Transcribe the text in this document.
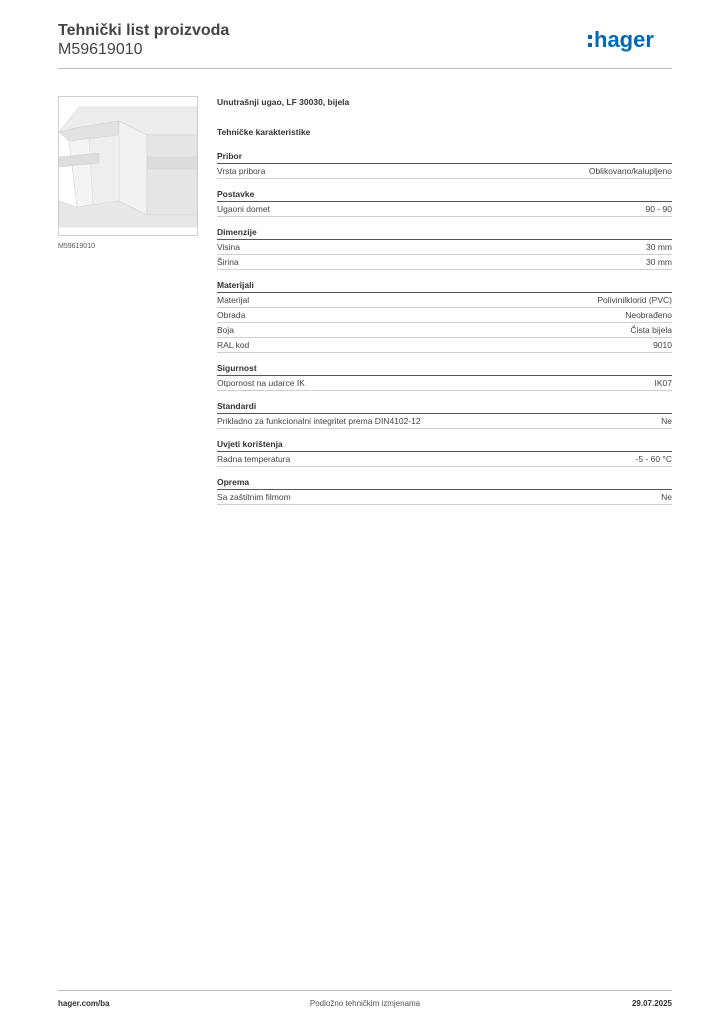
Tehnički list proizvoda
M59619010	hager
M59619010
Unutrašnji ugao, LF 30030, bijela
Tehničke karakteristike
Pribor
Vrsta pribora	Oblikovano/kalupljeno
Postavke
Ugaoni domet	90 - 90
Dimenzije
Visina	30 mm
Širina	30 mm
Materijali
Materijal	Polivinilklorid (PVC)
Obrada	Neobrađeno
Boja	Čista bijela
RAL kod	9010
Sigurnost
Otpornost na udarce IK	IK07
Standardi
Prikladno za funkcionalni integritet prema DIN4102-12	Ne
Uvjeti korištenja
Radna temperatura	-5 - 60 °C
Oprema
Sa zaštitnim filmom	Ne
hager.com/ba	Podložno tehničkim izmjenama	29.07.2025
